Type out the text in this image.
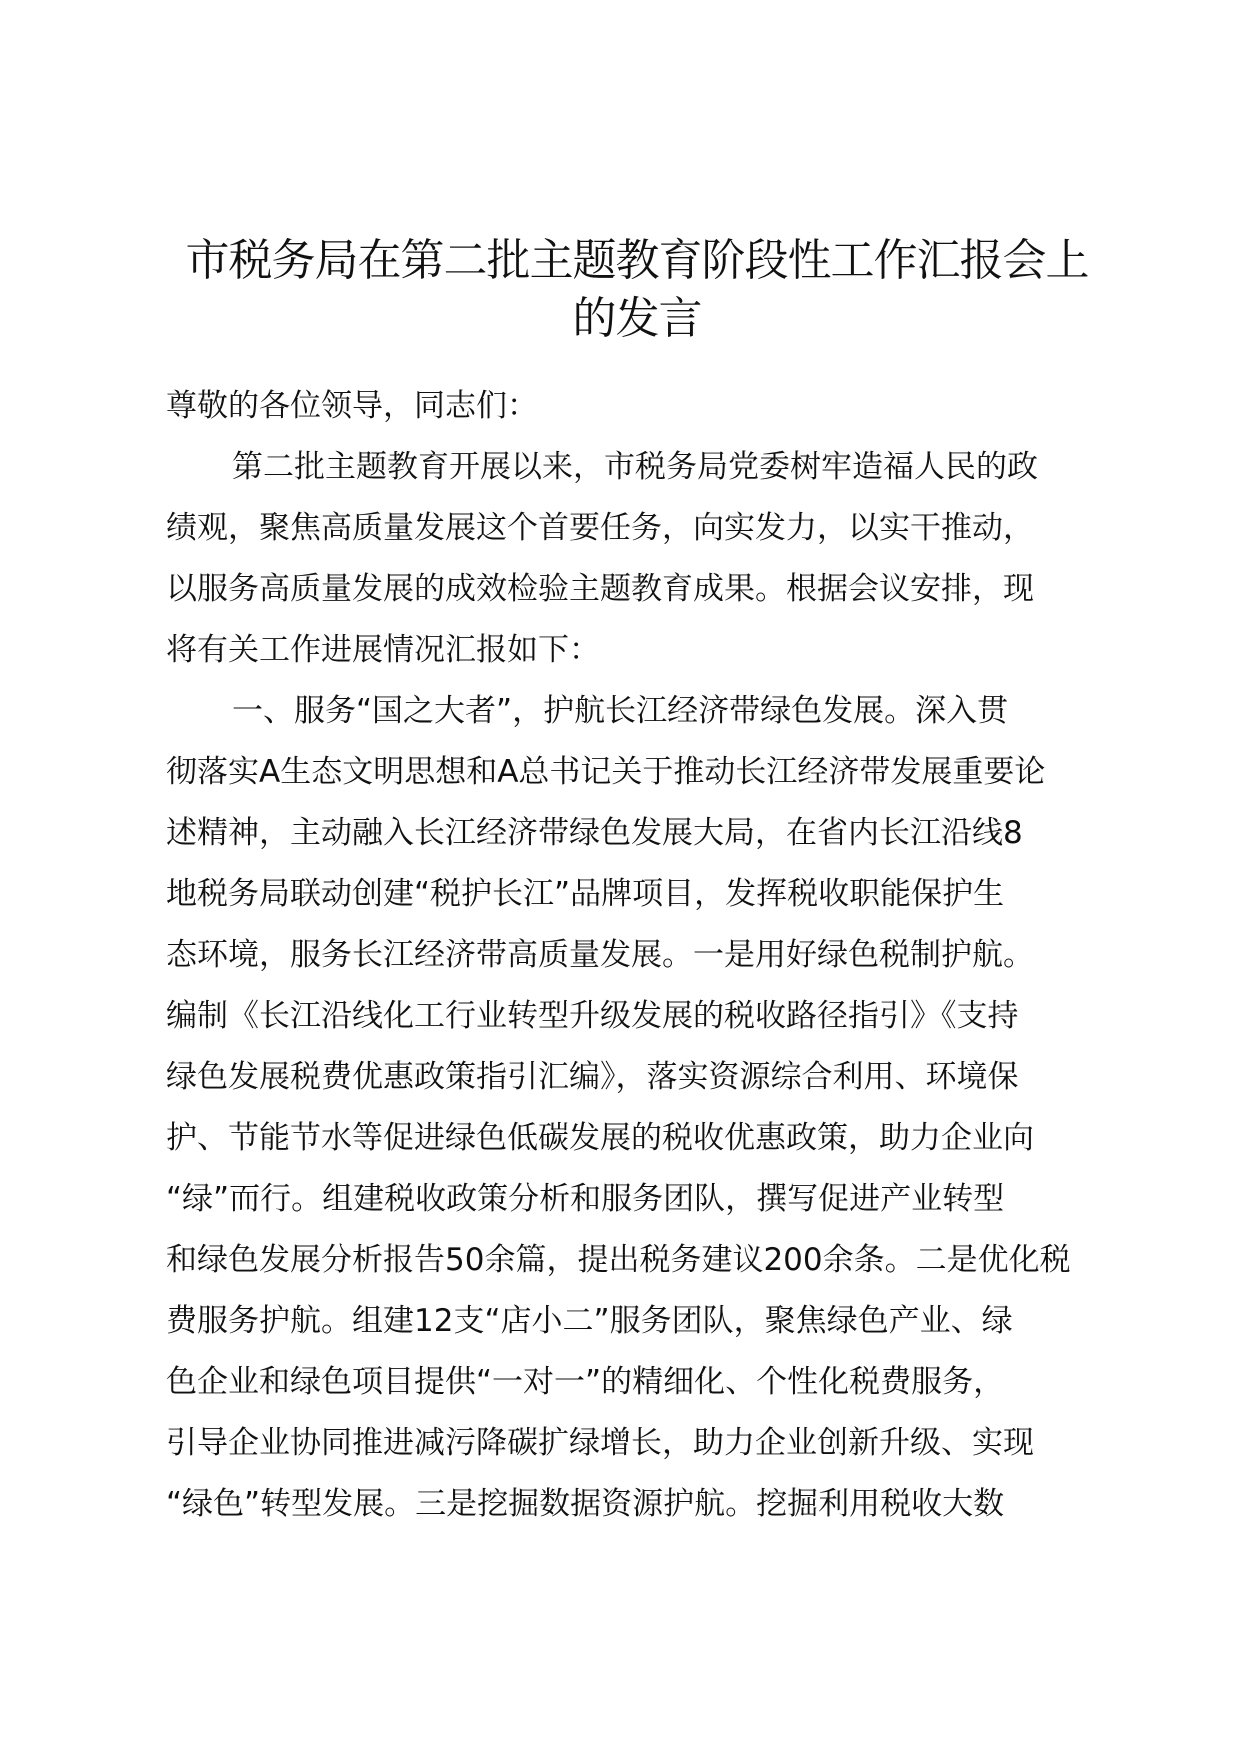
市税务局在第二批主题教育阶段性工作汇报会上
的发言
尊敬的各位领导，同志们：
第二批主题教育开展以来，市税务局党委树牢造福人民的政
绩观，聚焦高质量发展这个首要任务，向实发力，以实干推动，
以服务高质量发展的成效检验主题教育成果。根据会议安排，现
将有关工作进展情况汇报如下：
一、服务“国之大者”，护航长江经济带绿色发展。深入贯
彻落实A生态文明思想和A总书记关于推动长江经济带发展重要论
述精神，主动融入长江经济带绿色发展大局，在省内长江沿线8
地税务局联动创建“税护长江”品牌项目，发挥税收职能保护生
态环境，服务长江经济带高质量发展。一是用好绿色税制护航。
编制《长江沿线化工行业转型升级发展的税收路径指引》《支持
绿色发展税费优惠政策指引汇编》，落实资源综合利用、环境保
护、节能节水等促进绿色低碳发展的税收优惠政策，助力企业向
“绿”而行。组建税收政策分析和服务团队，撰写促进产业转型
和绿色发展分析报告50余篇，提出税务建议200余条。二是优化税
费服务护航。组建12支“店小二”服务团队，聚焦绿色产业、绿
色企业和绿色项目提供“一对一”的精细化、个性化税费服务，
引导企业协同推进减污降碳扩绿增长，助力企业创新升级、实现
“绿色”转型发展。三是挖掘数据资源护航。挖掘利用税收大数
